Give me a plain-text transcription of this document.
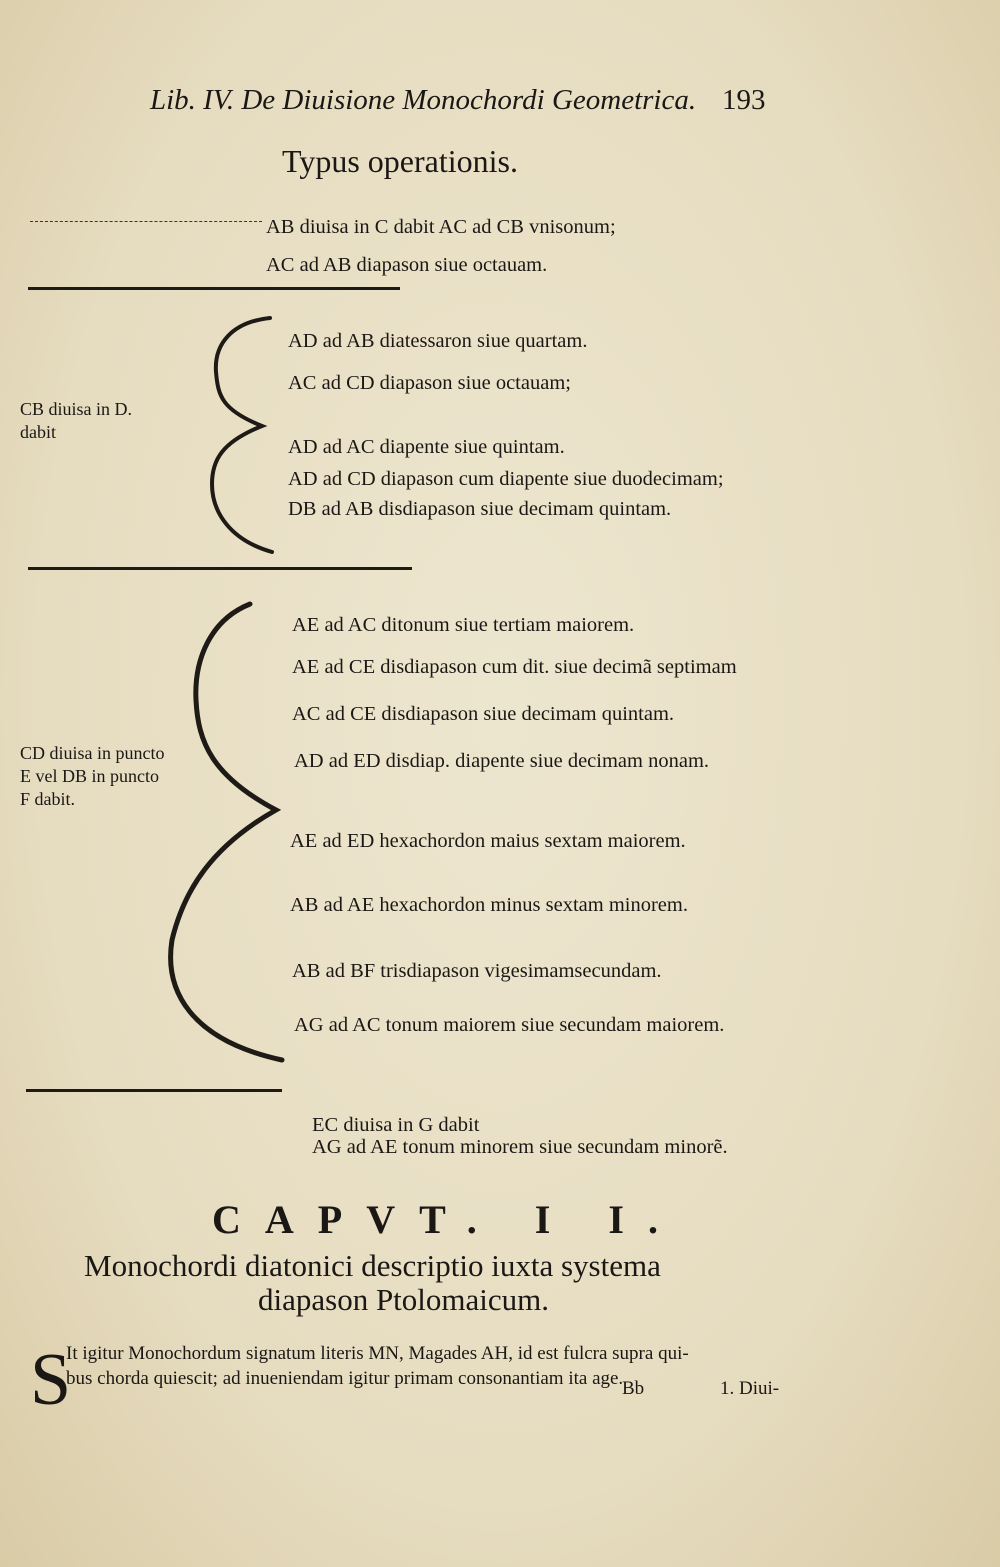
Lib. IV. De Diuisione Monochordi Geometrica. 193
Typus operationis.
AB diuisa in C dabit AC ad CB vnisonum;
AC ad AB diapason siue octauam.
CB diuisa in D. dabit
AD ad AB diatessaron siue quartam.
AC ad CD diapason siue octauam;
AD ad AC diapente siue quintam.
AD ad CD diapason cum diapente siue duodecimam;
DB ad AB disdiapason siue decimam quintam.
CD diuisa in puncto E vel DB in puncto F dabit.
AE ad AC ditonum siue tertiam maiorem.
AE ad CE disdiapason cum dit. siue decimã septimam
AC ad CE disdiapason siue decimam quintam.
AD ad ED disdiap. diapente siue decimam nonam.
AE ad ED hexachordon maius sextam maiorem.
AB ad AE hexachordon minus sextam minorem.
AB ad BF trisdiapason vigesimamsecundam.
AG ad AC tonum maiorem siue secundam maiorem.
EC diuisa in G dabit
AG ad AE tonum minorem siue secundam minorẽ.
CAPVT. I I.
Monochordi diatonici descriptio iuxta systema
diapason Ptolomaicum.
S
It igitur Monochordum signatum literis MN, Magades AH, id est fulcra supra qui-
bus chorda quiescit; ad inueniendam igitur primam consonantiam ita age.
Bb	1. Diui-
